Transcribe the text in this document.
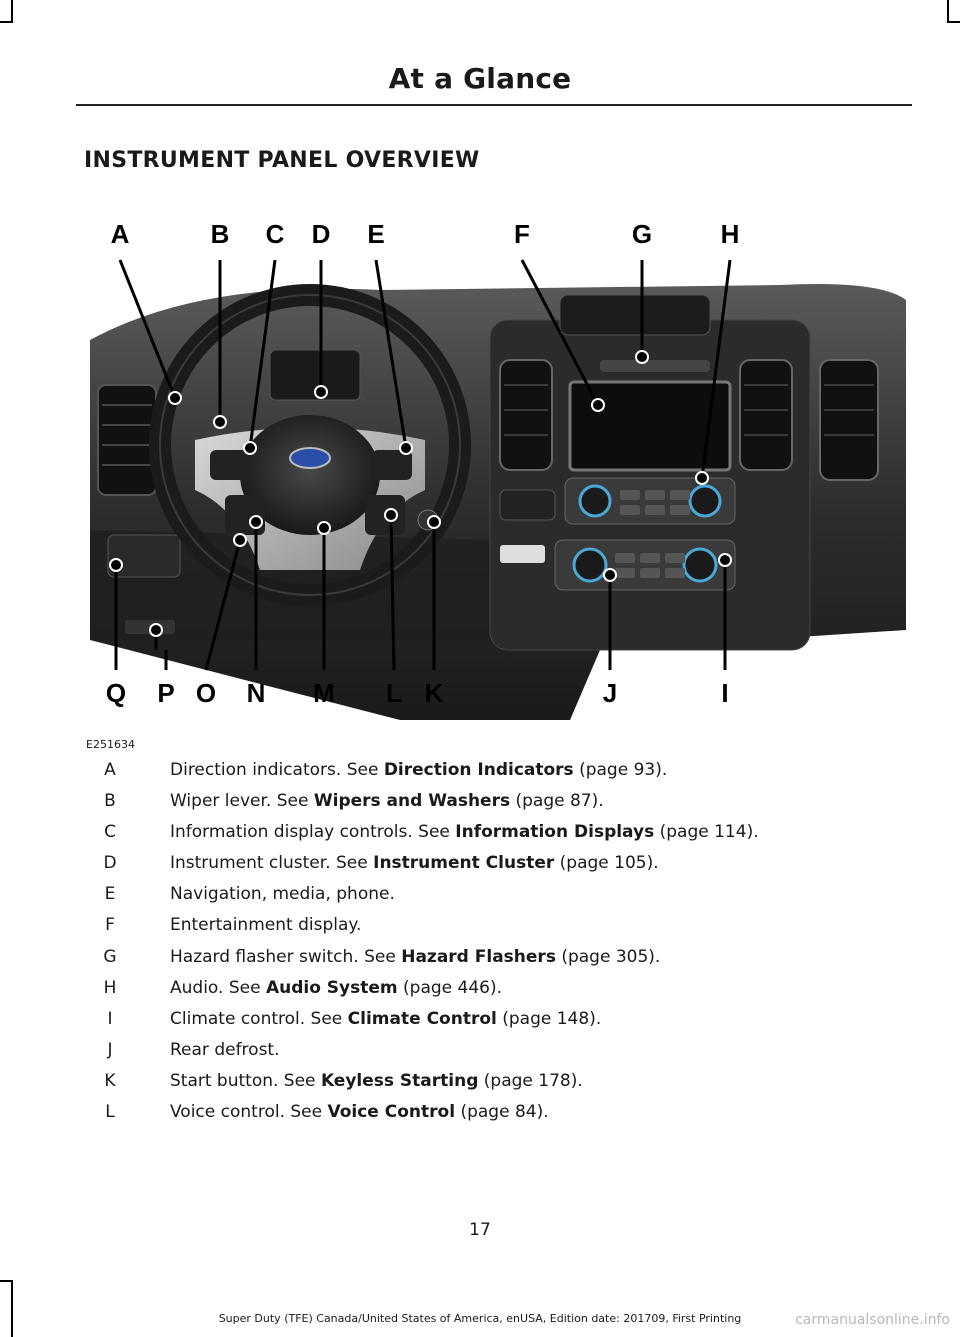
At a Glance
INSTRUMENT PANEL OVERVIEW
A	B C D E	F	G	H
Q P O N M L K	J	I
E251634
A	Direction indicators. See Direction Indicators (page 93).
B	Wiper lever. See Wipers and Washers (page 87).
C	Information display controls. See Information Displays (page 114).
D	Instrument cluster. See Instrument Cluster (page 105).
E	Navigation, media, phone.
F	Entertainment display.
G	Hazard flasher switch. See Hazard Flashers (page 305).
H	Audio. See Audio System (page 446).
I	Climate control. See Climate Control (page 148).
J	Rear defrost.
K	Start button. See Keyless Starting (page 178).
L	Voice control. See Voice Control (page 84).
17
Super Duty (TFE) Canada/United States of America, enUSA, Edition date: 201709, First Printing	carmanualsonline.info
